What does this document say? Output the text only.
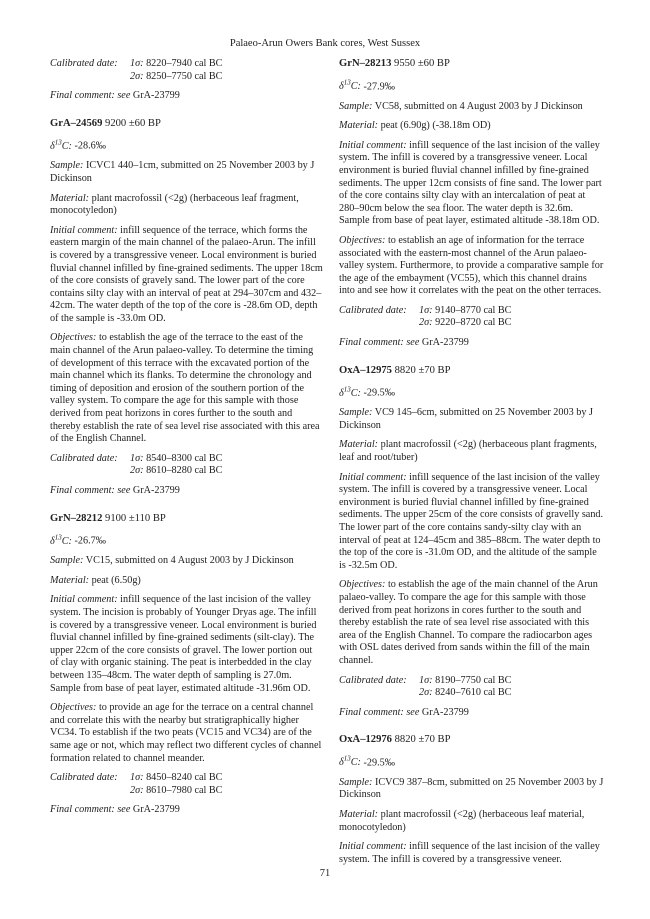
Palaeo-Arun Owers Bank cores, West Sussex
Calibrated date:	1σ: 8220–7940 cal BC
2σ: 8250–7750 cal BC

Final comment: see GrA-23799

GrA–24569 9200 ±60 BP

$\delta^{13}C$: -28.6‰

Sample: ICVC1 440–1cm, submitted on 25 November 2003 by J Dickinson

Material: plant macrofossil (<2g) (herbaceous leaf fragment, monocotyledon)

Initial comment: infill sequence of the terrace, which forms the eastern margin of the main channel of the palaeo-Arun. The infill is covered by a transgressive veneer. Local environment is buried fluvial channel infilled by fine-grained sediments. The upper 18cm of the core consists of gravely sand. The lower part of the core contains silty clay with an interval of peat at 294–307cm and 432–42cm. The water depth of the top of the core is -28.6m OD, depth of the sample is -33.0m OD.

Objectives: to establish the age of the terrace to the east of the main channel of the Arun palaeo-valley. To determine the timing of development of this terrace with the excavated portion of the main channel which its flanks. To determine the chronology and timing of deposition and erosion of the southern portion of the valley system. To compare the age for this sample with those derived from peat horizons in cores further to the south and thereby establish the rate of sea level rise associated with this area of the English Channel.

Calibrated date:	1σ: 8540–8300 cal BC
2σ: 8610–8280 cal BC

Final comment: see GrA-23799

GrN–28212 9100 ±110 BP

$\delta^{13}C$: -26.7‰

Sample: VC15, submitted on 4 August 2003 by J Dickinson

Material: peat (6.50g)

Initial comment: infill sequence of the last incision of the valley system. The incision is probably of Younger Dryas age. The infill is covered by a transgressive veneer. Local environment is buried fluvial channel infilled by fine-grained sediments (silt-clay). The upper 22cm of the core consists of gravel. The lower portion out of clay with organic staining. The peat is interbedded in the clay between 135–48cm. The water depth of sampling is 27.0m. Sample from base of peat layer, estimated altitude -31.96m OD.

Objectives: to provide an age for the terrace on a central channel and correlate this with the nearby but stratigraphically higher VC34. To establish if the two peats (VC15 and VC34) are of the same age or not, which may reflect two different cycles of channel formation related to channel meander.

Calibrated date:	1σ: 8450–8240 cal BC
2σ: 8610–7980 cal BC

Final comment: see GrA-23799

GrN–28213 9550 ±60 BP

$\delta^{13}C$: -27.9‰

Sample: VC58, submitted on 4 August 2003 by J Dickinson

Material: peat (6.90g) (-38.18m OD)

Initial comment: infill sequence of the last incision of the valley system. The infill is covered by a transgressive veneer. Local environment is buried fluvial channel infilled by fine-grained sediments. The upper 12cm consists of fine sand. The lower part of the core contains silty clay with an intercalation of peat at 280–90cm below the sea floor. The water depth is 32.6m. Sample from base of peat layer, estimated altitude -38.18m OD.

Objectives: to establish an age of information for the terrace associated with the eastern-most channel of the Arun palaeo-valley system. Furthermore, to provide a comparative sample for the age of the embayment (VC55), which this channel drains into and see how it correlates with the peat on the other terraces.

Calibrated date:	1σ: 9140–8770 cal BC
2σ: 9220–8720 cal BC

Final comment: see GrA-23799

OxA–12975 8820 ±70 BP

$\delta^{13}C$: -29.5‰

Sample: VC9 145–6cm, submitted on 25 November 2003 by J Dickinson

Material: plant macrofossil (<2g) (herbaceous plant fragments, leaf and root/tuber)

Initial comment: infill sequence of the last incision of the valley system. The infill is covered by a transgressive veneer. Local environment is buried fluvial channel infilled by fine-grained sediments. The upper 25cm of the core consists of gravelly sand. The lower part of the core contains sandy-silty clay with an interval of peat at 124–45cm and 385–88cm. The water depth to the top of the core is -31.0m OD, and the altitude of the sample is -32.5m OD.

Objectives: to establish the age of the main channel of the Arun palaeo-valley. To compare the age for this sample with those derived from peat horizons in cores further to the south and thereby establish the rate of sea level rise associated with this area of the English Channel. To compare the radiocarbon ages with OSL dates derived from sands within the fill of the main channel.

Calibrated date:	1σ: 8190–7750 cal BC
2σ: 8240–7610 cal BC

Final comment: see GrA-23799

OxA–12976 8820 ±70 BP

$\delta^{13}C$: -29.5‰

Sample: ICVC9 387–8cm, submitted on 25 November 2003 by J Dickinson

Material: plant macrofossil (<2g) (herbaceous leaf material, monocotyledon)

Initial comment: infill sequence of the last incision of the valley system. The infill is covered by a transgressive veneer.

71
